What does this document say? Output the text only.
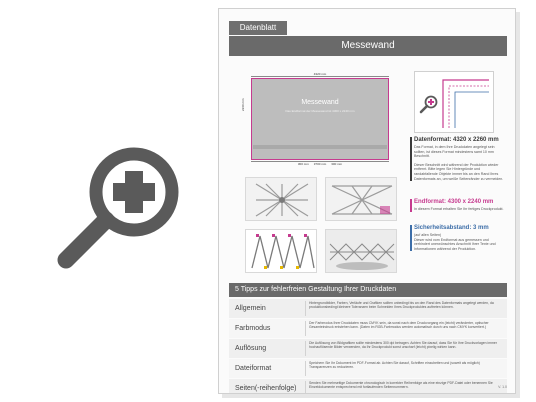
Datenblatt
Messewand
4320 mm
2260 mm	Messewand
Das Endformat der Messewand ist 4300 x 2240 mm
300 mm 3700 mm 300 mm
Datenformat: 4320 x 2260 mm
Das Format, in dem Ihre Druckdaten angelegt sein sollten, ist dieses Format mindestens samt 10 mm Beschnitt.
Dieser Beschnitt wird während der Produktion wieder entfernt. Bitte legen Sie Hintergründe und randabfallende Objekte immer bis an den Rand Ihres Datenformats an, um weiße Seitenränder zu vermeiden.
Endformat: 4300 x 2240 mm
In diesem Format erhalten Sie Ihr fertiges Druckprodukt.
Sicherheitsabstand: 3 mm
(auf allen Seiten)
Dieser wird vom Endformat aus gemessen und verhindert unerwünschtes Anschnitt Ihrer Texte und Informationen während der Produktion.
5 Tipps zur fehlerfreien Gestaltung Ihrer Druckdaten
Allgemein
Hintergrundbilder, Farben, Verläufe und Grafiken sollten unbedingt bis an den Rand des Datenformats angelegt werden, da produktionsbedingt kleinere Toleranzen beim Schneiden Ihres Druckproduktes auftreten können.
Farbmodus
Der Farbmodus Ihrer Druckdaten muss CMYK sein, da sonst nach dem Druckvorgang ein (leicht) veränderter, optischer Gesamteindruck entstehen kann. (Daten im RGB-Farbmodus werden automatisch durch uns nach CMYK konvertiert.)
Auflösung
Die Auflösung von Bildgrafiken sollte mindestens 300 dpi betragen. Achten Sie darauf, dass Sie für Ihre Druckvorlagen immer hochauflösende Bilder verwenden, da Ihr Druckprodukt sonst unscharf (leicht) pixelig wirken kann.
Dateiformat
Speichern Sie Ihr Dokument im PDF-Format ab. Achten Sie darauf, Schriften einzubetten und (soweit als möglich) Transparenzen zu reduzieren.
Seiten(-reihenfolge)
Senden Sie mehrseitige Dokumente chronologisch in korrekter Reihenfolge als eine einzige PDF-Datei oder benennen Sie Einzeldokumente entsprechend mit fortlaufenden Seitennummern.	V. 1.0
